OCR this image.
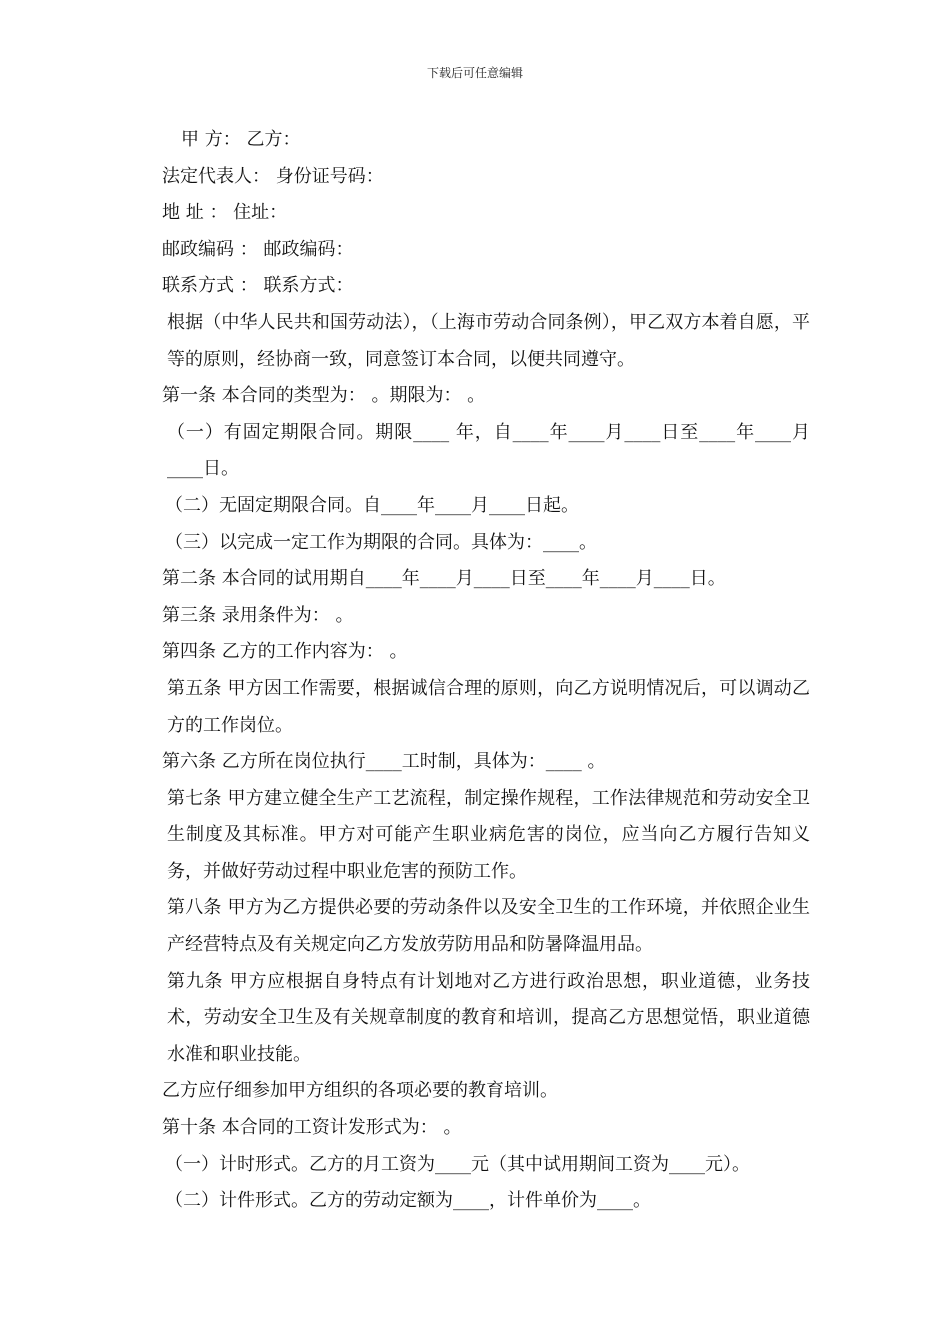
下载后可任意编辑
甲 方： 乙方：
法定代表人： 身份证号码：
地 址 ： 住址：
邮政编码 ： 邮政编码：
联系方式 ： 联系方式：
根据（中华人民共和国劳动法），（上海市劳动合同条例），甲乙双方本着自愿，平等的原则，经协商一致，同意签订本合同，以便共同遵守。
第一条 本合同的类型为： 。期限为： 。
（一）有固定期限合同。期限____ 年，自____年____月____日至____年____月____日。
（二）无固定期限合同。自____年____月____日起。
（三）以完成一定工作为期限的合同。具体为：____。
第二条 本合同的试用期自____年____月____日至____年____月____日。
第三条 录用条件为： 。
第四条 乙方的工作内容为： 。
第五条 甲方因工作需要，根据诚信合理的原则，向乙方说明情况后，可以调动乙方的工作岗位。
第六条 乙方所在岗位执行____工时制，具体为：____ 。
第七条 甲方建立健全生产工艺流程，制定操作规程，工作法律规范和劳动安全卫生制度及其标准。甲方对可能产生职业病危害的岗位，应当向乙方履行告知义务，并做好劳动过程中职业危害的预防工作。
第八条 甲方为乙方提供必要的劳动条件以及安全卫生的工作环境，并依照企业生产经营特点及有关规定向乙方发放劳防用品和防暑降温用品。
第九条 甲方应根据自身特点有计划地对乙方进行政治思想，职业道德，业务技术，劳动安全卫生及有关规章制度的教育和培训，提高乙方思想觉悟，职业道德水准和职业技能。
乙方应仔细参加甲方组织的各项必要的教育培训。
第十条 本合同的工资计发形式为： 。
（一）计时形式。乙方的月工资为____元（其中试用期间工资为____元）。
（二）计件形式。乙方的劳动定额为____，计件单价为____。
